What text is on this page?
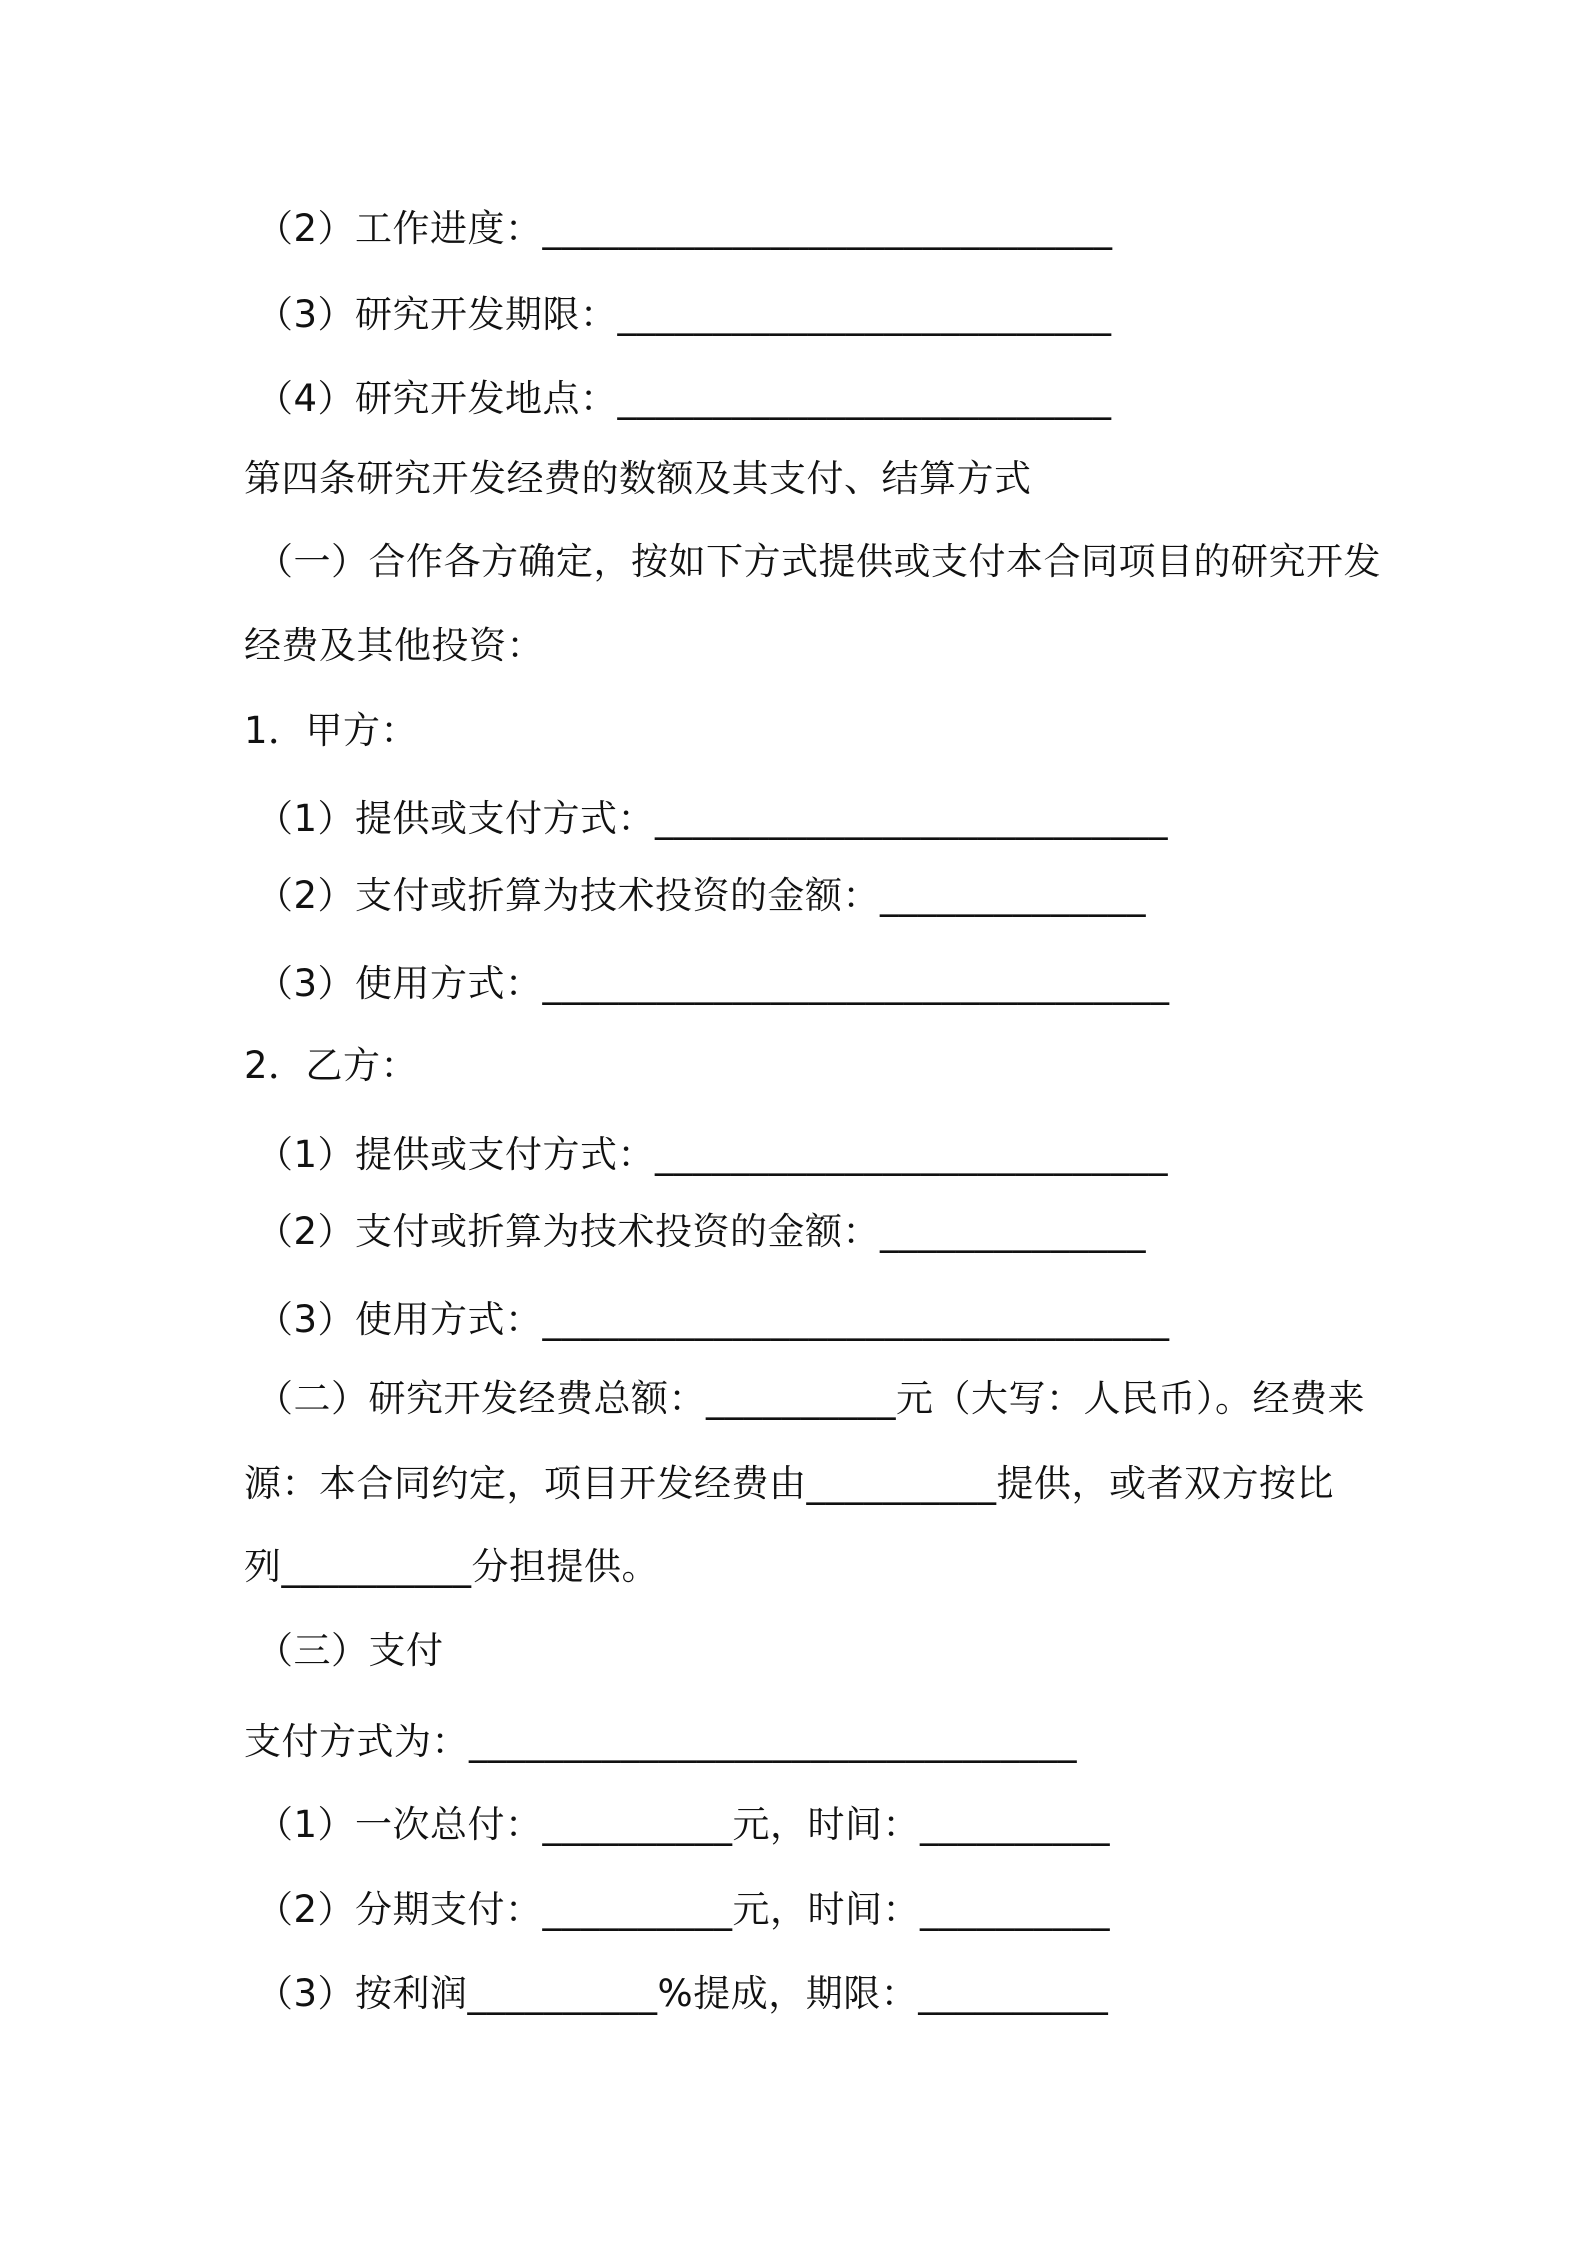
（2）工作进度：______________________________
（3）研究开发期限：__________________________
（4）研究开发地点：__________________________
第四条研究开发经费的数额及其支付、结算方式
（一）合作各方确定，按如下方式提供或支付本合同项目的研究开发
经费及其他投资：
1．甲方：
（1）提供或支付方式：___________________________
（2）支付或折算为技术投资的金额：______________
（3）使用方式：_________________________________
2．乙方：
（1）提供或支付方式：___________________________
（2）支付或折算为技术投资的金额：______________
（3）使用方式：_________________________________
（二）研究开发经费总额：__________元（大写：人民币）。经费来
源：本合同约定，项目开发经费由__________提供，或者双方按比
列__________分担提供。
（三）支付
支付方式为：________________________________
（1）一次总付：__________元，时间：__________
（2）分期支付：__________元，时间：__________
（3）按利润__________%提成，期限：__________
